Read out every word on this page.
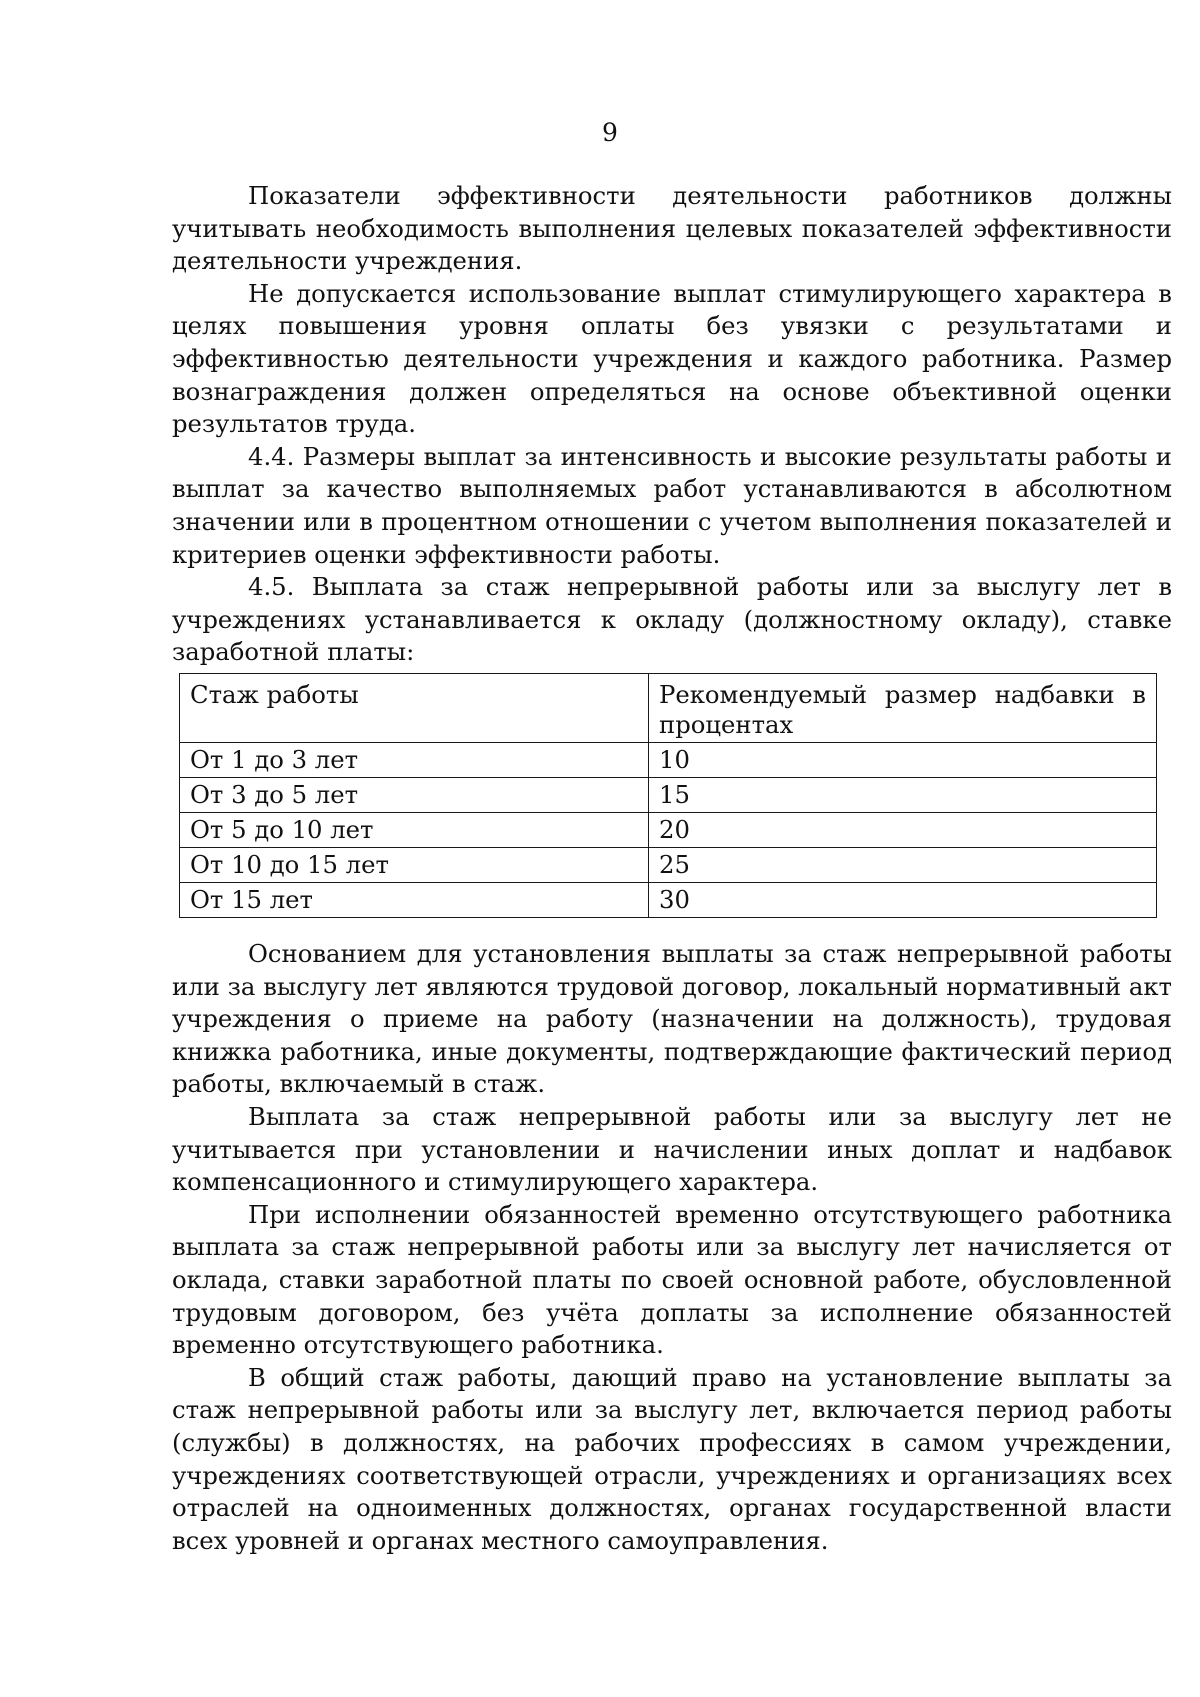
9

Показатели эффективности деятельности работников должны учитывать необходимость выполнения целевых показателей эффективности деятельности учреждения.

Не допускается использование выплат стимулирующего характера в целях повышения уровня оплаты без увязки с результатами и эффективностью деятельности учреждения и каждого работника. Размер вознаграждения должен определяться на основе объективной оценки результатов труда.

4.4. Размеры выплат за интенсивность и высокие результаты работы и выплат за качество выполняемых работ устанавливаются в абсолютном значении или в процентном отношении с учетом выполнения показателей и критериев оценки эффективности работы.

4.5. Выплата за стаж непрерывной работы или за выслугу лет в учреждениях устанавливается к окладу (должностному окладу), ставке заработной платы:

Стаж работы	Рекомендуемый размер надбавки в процентах
От 1 до 3 лет	10
От 3 до 5 лет	15
От 5 до 10 лет	20
От 10 до 15 лет	25
От 15 лет	30

Основанием для установления выплаты за стаж непрерывной работы или за выслугу лет являются трудовой договор, локальный нормативный акт учреждения о приеме на работу (назначении на должность), трудовая книжка работника, иные документы, подтверждающие фактический период работы, включаемый в стаж.

Выплата за стаж непрерывной работы или за выслугу лет не учитывается при установлении и начислении иных доплат и надбавок компенсационного и стимулирующего характера.

При исполнении обязанностей временно отсутствующего работника выплата за стаж непрерывной работы или за выслугу лет начисляется от оклада, ставки заработной платы по своей основной работе, обусловленной трудовым договором, без учёта доплаты за исполнение обязанностей временно отсутствующего работника.

В общий стаж работы, дающий право на установление выплаты за стаж непрерывной работы или за выслугу лет, включается период работы (службы) в должностях, на рабочих профессиях в самом учреждении, учреждениях соответствующей отрасли, учреждениях и организациях всех отраслей на одноименных должностях, органах государственной власти всех уровней и органах местного самоуправления.
